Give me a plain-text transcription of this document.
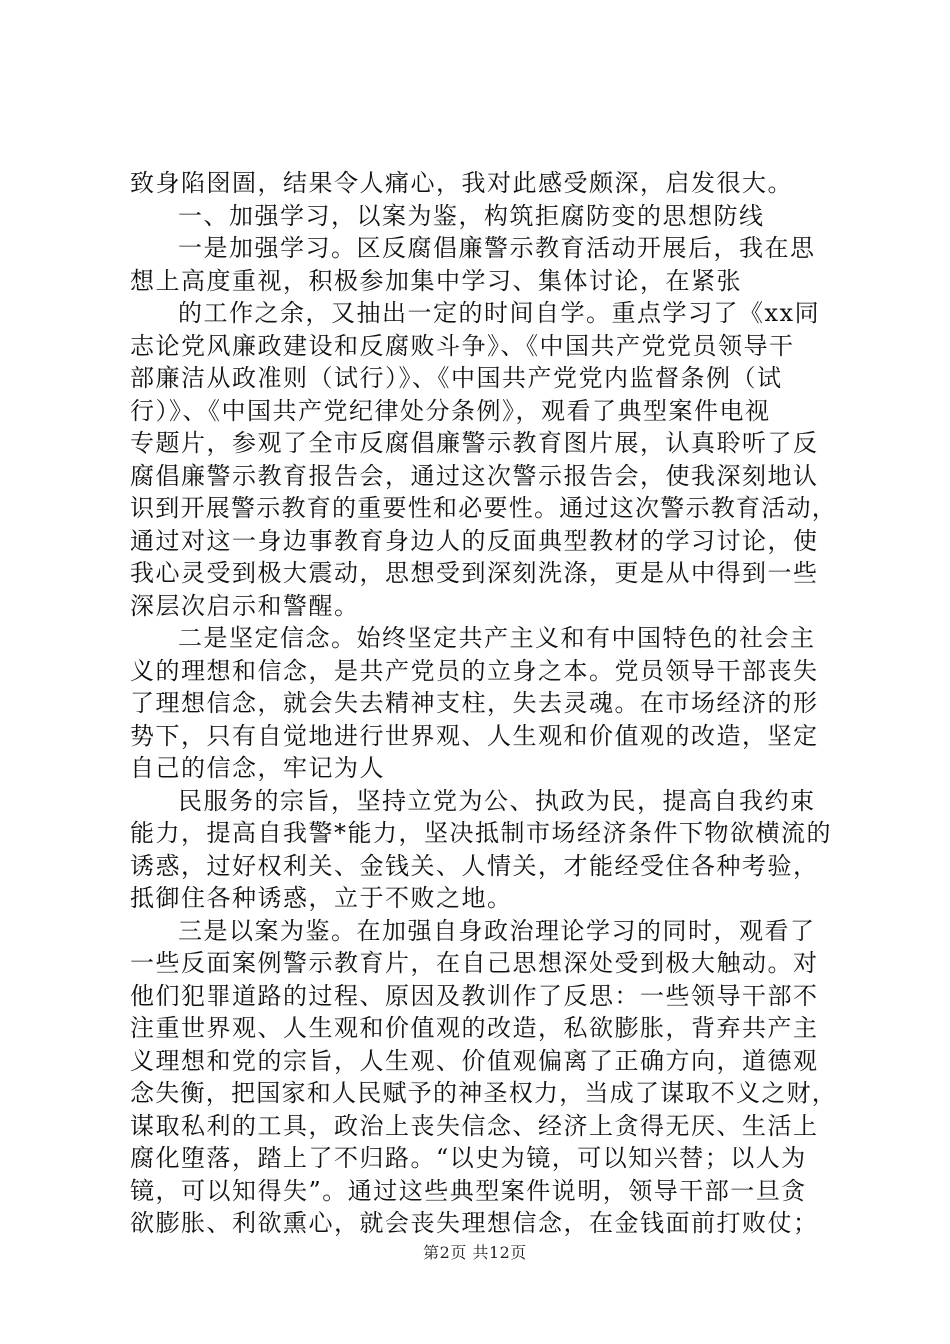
致身陷囹圄，结果令人痛心，我对此感受颇深，启发很大。
一、加强学习，以案为鉴，构筑拒腐防变的思想防线
一是加强学习。区反腐倡廉警示教育活动开展后，我在思
想上高度重视，积极参加集中学习、集体讨论，在紧张
的工作之余，又抽出一定的时间自学。重点学习了《xx同
志论党风廉政建设和反腐败斗争》、《中国共产党党员领导干
部廉洁从政准则（试行）》、《中国共产党党内监督条例（试
行）》、《中国共产党纪律处分条例》，观看了典型案件电视
专题片，参观了全市反腐倡廉警示教育图片展，认真聆听了反
腐倡廉警示教育报告会，通过这次警示报告会，使我深刻地认
识到开展警示教育的重要性和必要性。通过这次警示教育活动，
通过对这一身边事教育身边人的反面典型教材的学习讨论，使
我心灵受到极大震动，思想受到深刻洗涤，更是从中得到一些
深层次启示和警醒。
二是坚定信念。始终坚定共产主义和有中国特色的社会主
义的理想和信念，是共产党员的立身之本。党员领导干部丧失
了理想信念，就会失去精神支柱，失去灵魂。在市场经济的形
势下，只有自觉地进行世界观、人生观和价值观的改造，坚定
自己的信念，牢记为人
民服务的宗旨，坚持立党为公、执政为民，提高自我约束
能力，提高自我警*能力，坚决抵制市场经济条件下物欲横流的
诱惑，过好权利关、金钱关、人情关，才能经受住各种考验，
抵御住各种诱惑，立于不败之地。
三是以案为鉴。在加强自身政治理论学习的同时，观看了
一些反面案例警示教育片，在自己思想深处受到极大触动。对
他们犯罪道路的过程、原因及教训作了反思：一些领导干部不
注重世界观、人生观和价值观的改造，私欲膨胀，背弃共产主
义理想和党的宗旨，人生观、价值观偏离了正确方向，道德观
念失衡，把国家和人民赋予的神圣权力，当成了谋取不义之财，
谋取私利的工具，政治上丧失信念、经济上贪得无厌、生活上
腐化堕落，踏上了不归路。“以史为镜，可以知兴替；以人为
镜，可以知得失”。通过这些典型案件说明，领导干部一旦贪
欲膨胀、利欲熏心，就会丧失理想信念，在金钱面前打败仗；
第2页 共12页
